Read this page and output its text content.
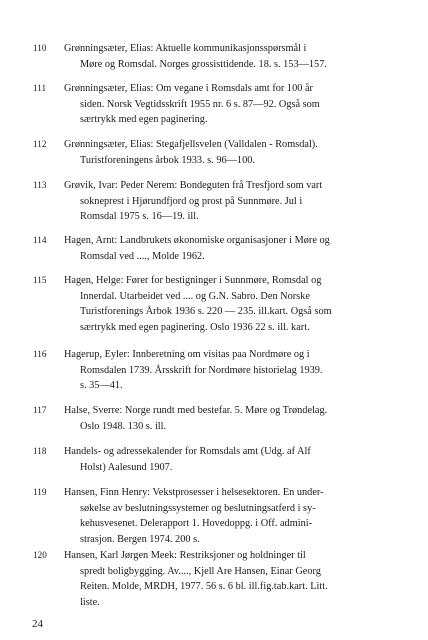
110	Grønningsæter, Elias: Aktuelle kommunikasjonsspørsmål i
Møre og Romsdal. Norges grossisttidende. 18. s. 153—157.
111	Grønningsæter, Elias: Om vegane i Romsdals amt for 100 år
siden. Norsk Vegtidsskrift 1955 nr. 6 s. 87—92. Også som
særtrykk med egen paginering.
112	Grønningsæter, Elias: Stegafjellsvelen (Valldalen - Romsdal).
Turistforeningens årbok 1933. s. 96—100.
113	Grøvik, Ivar: Peder Nerem: Bondeguten frå Tresfjord som vart
sokneprest i Hjørundfjord og prost på Sunnmøre. Jul i
Romsdal 1975 s. 16—19. ill.
114	Hagen, Arnt: Landbrukets økonomiske organisasjoner i Møre og
Romsdal ved ...., Molde 1962.
115	Hagen, Helge: Fører for bestigninger i Sunnmøre, Romsdal og
Innerdal. Utarbeidet ved .... og G.N. Sabro. Den Norske
Turistforenings Årbok 1936 s. 220 — 235. ill.kart. Også som
særtrykk med egen paginering. Oslo 1936 22 s. ill. kart.
116	Hagerup, Eyler: Innberetning om visitas paa Nordmøre og i
Romsdalen 1739. Årsskrift for Nordmøre historielag 1939.
s. 35—41.
117	Halse, Sverre: Norge rundt med bestefar. 5. Møre og Trøndelag.
Oslo 1948. 130 s. ill.
118	Handels- og adressekalender for Romsdals amt (Udg. af Alf
Holst) Aalesund 1907.
119	Hansen, Finn Henry: Vekstprosesser i helsesektoren. En under-
søkelse av beslutningssystemer og beslutningsatferd i sy-
kehusvesenet. Delerapport 1. Hovedoppg. i Off. admini-
strasjon. Bergen 1974. 200 s.
120	Hansen, Karl Jørgen Meek: Restriksjoner og holdninger til
spredt boligbygging. Av...., Kjell Are Hansen, Einar Georg
Reiten. Molde, MRDH, 1977. 56 s. 6 bl. ill.fig.tab.kart. Litt.
liste.
24
